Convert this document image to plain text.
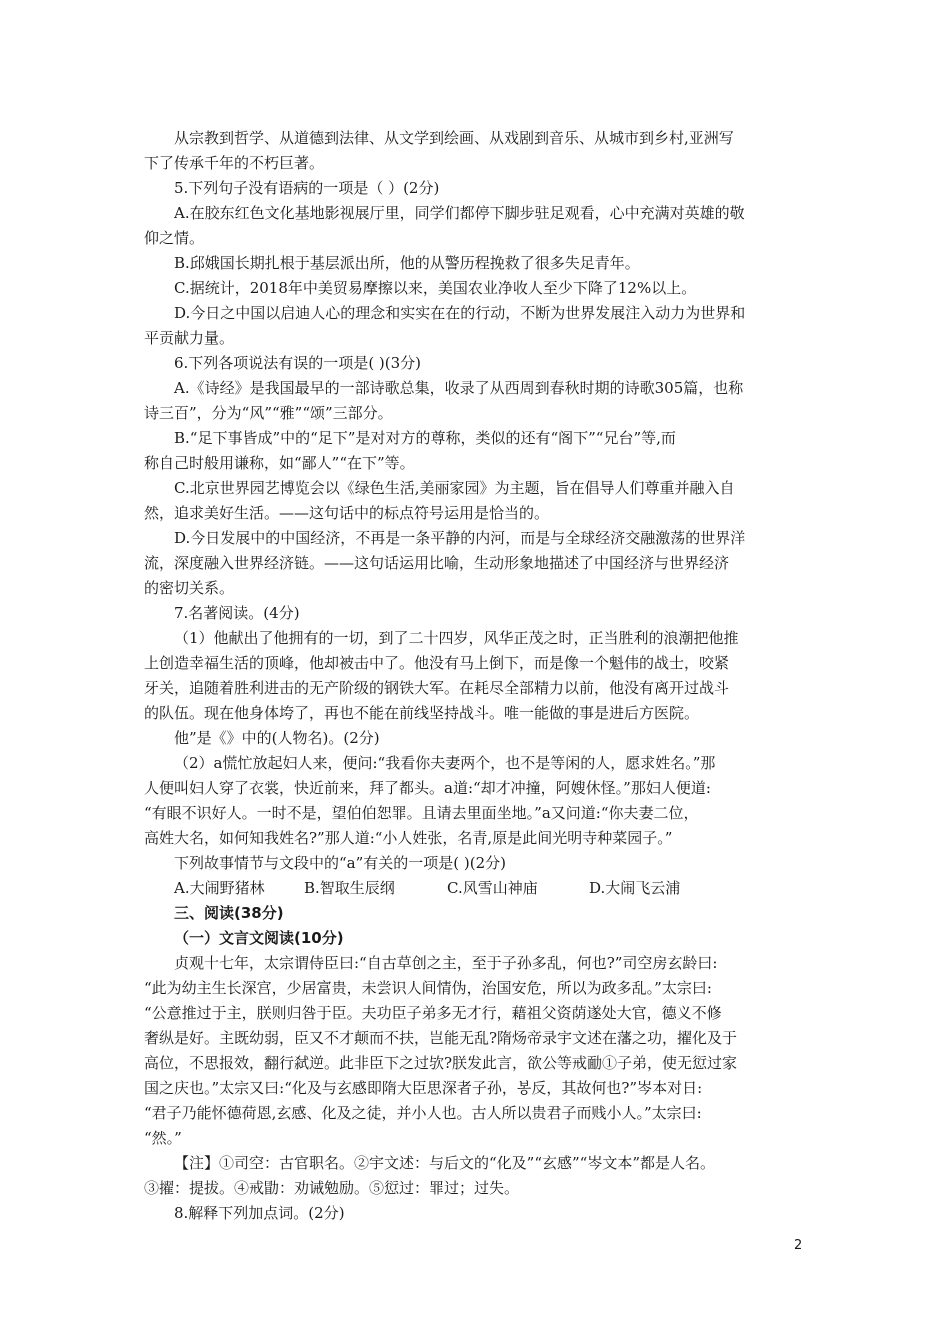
从宗教到哲学、从道德到法律、从文学到绘画、从戏剧到音乐、从城市到乡村,亚洲写
下了传承千年的不朽巨著。
5.下列句子没有语病的一项是（ ）(2分)
A.在胶东红色文化基地影视展厅里，同学们都停下脚步驻足观看，心中充满对英雄的敬
仰之情。
B.邱娥国长期扎根于基层派出所，他的从警历程挽救了很多失足青年。
C.据统计，2018年中美贸易摩擦以来，美国农业净收人至少下降了12%以上。
D.今日之中国以启迪人心的理念和实实在在的行动，不断为世界发展注入动力为世界和
平贡献力量。
6.下列各项说法有误的一项是( )(3分)
A.《诗经》是我国最早的一部诗歌总集，收录了从西周到春秋时期的诗歌305篇，也称
诗三百”，分为“风”“雅”“颂”三部分。
B.“足下事皆成”中的“足下”是对对方的尊称，类似的还有“阁下”“兄台”等,而
称自己时般用谦称，如“鄙人”“在下”等。
C.北京世界园艺博览会以《绿色生活,美丽家园》为主题，旨在倡导人们尊重并融入自
然，追求美好生活。——这句话中的标点符号运用是恰当的。
D.今日发展中的中国经济，不再是一条平静的内河，而是与全球经济交融激荡的世界洋
流，深度融入世界经济链。——这句话运用比喻，生动形象地描述了中国经济与世界经济
的密切关系。
7.名著阅读。(4分)
（1）他献出了他拥有的一切，到了二十四岁，风华正茂之时，正当胜利的浪潮把他推
上创造幸福生活的顶峰，他却被击中了。他没有马上倒下，而是像一个魁伟的战士，咬紧
牙关，追随着胜利进击的无产阶级的钢铁大军。在耗尽全部精力以前，他没有离开过战斗
的队伍。现在他身体垮了，再也不能在前线坚持战斗。唯一能做的事是进后方医院。
他”是《》中的(人物名)。(2分)
（2）a慌忙放起妇人来，便问:“我看你夫妻两个，也不是等闲的人，愿求姓名。”那
人便叫妇人穿了衣裳，快近前来，拜了都头。a道:“却才冲撞，阿嫂休怪。”那妇人便道:
“有眼不识好人。一时不是，望伯伯恕罪。且请去里面坐地。”a又问道:“你夫妻二位，
高姓大名，如何知我姓名?”那人道:“小人姓张，名青,原是此间光明寺种菜园子。”
下列故事情节与文段中的“a”有关的一项是( )(2分)
A.大闹野猪林	B.智取生辰纲	C.风雪山神庙	D.大闹飞云浦
三、阅读(38分)
（一）文言文阅读(10分)
贞观十七年，太宗谓侍臣曰:“自古草创之主，至于子孙多乱，何也?”司空房玄龄曰:
“此为幼主生长深宫，少居富贵，未尝识人间情伪，治国安危，所以为政多乱。”太宗曰:
“公意推过于主，朕则归咎于臣。夫功臣子弟多无才行，藉祖父资荫遂处大官，德义不修
奢纵是好。主既幼弱，臣又不才颠而不扶，岂能无乱?隋炀帝录宇文述在藩之功，擢化及于
高位，不思报效，翻行弑逆。此非臣下之过欤?朕发此言，欲公等戒勔①子弟，使无愆过家
国之庆也。”太宗又曰:“化及与玄感即隋大臣思深者子孙，봉反，其故何也?”岑本对日:
“君子乃能怀德荷恩,玄感、化及之徒，并小人也。古人所以贵君子而贱小人。”太宗曰:
“然。”
【注】①司空：古官职名。②宇文述：与后文的“化及”“玄感”“岑文本”都是人名。
③擢：提拔。④戒勖：劝诫勉励。⑤愆过：罪过；过失。
8.解释下列加点词。(2分)
2
